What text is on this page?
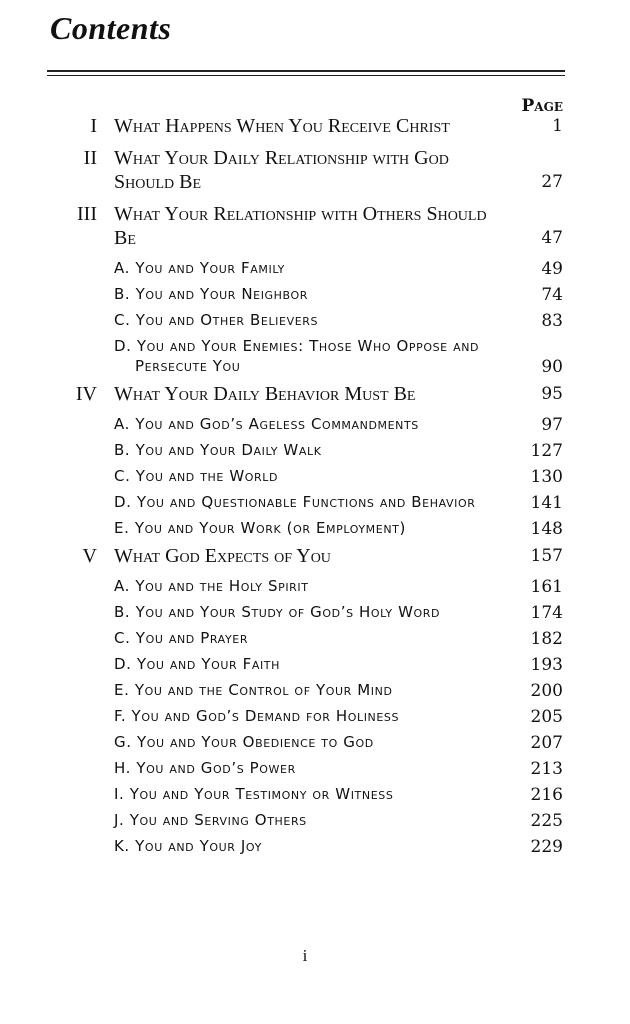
Contents
Page
I What Happens When You Receive Christ	1
II What Your Daily Relationship with God Should Be	27
III What Your Relationship with Others Should Be	47
A. You and Your Family	49
B. You and Your Neighbor	74
C. You and Other Believers	83
D. You and Your Enemies: Those Who Oppose and Persecute You	90
IV What Your Daily Behavior Must Be	95
A. You and God’s Ageless Commandments	97
B. You and Your Daily Walk	127
C. You and the World	130
D. You and Questionable Functions and Behavior	141
E. You and Your Work (or Employment)	148
V What God Expects of You	157
A. You and the Holy Spirit	161
B. You and Your Study of God’s Holy Word	174
C. You and Prayer	182
D. You and Your Faith	193
E. You and the Control of Your Mind	200
F. You and God’s Demand for Holiness	205
G. You and Your Obedience to God	207
H. You and God’s Power	213
I. You and Your Testimony or Witness	216
J. You and Serving Others	225
K. You and Your Joy	229
i
